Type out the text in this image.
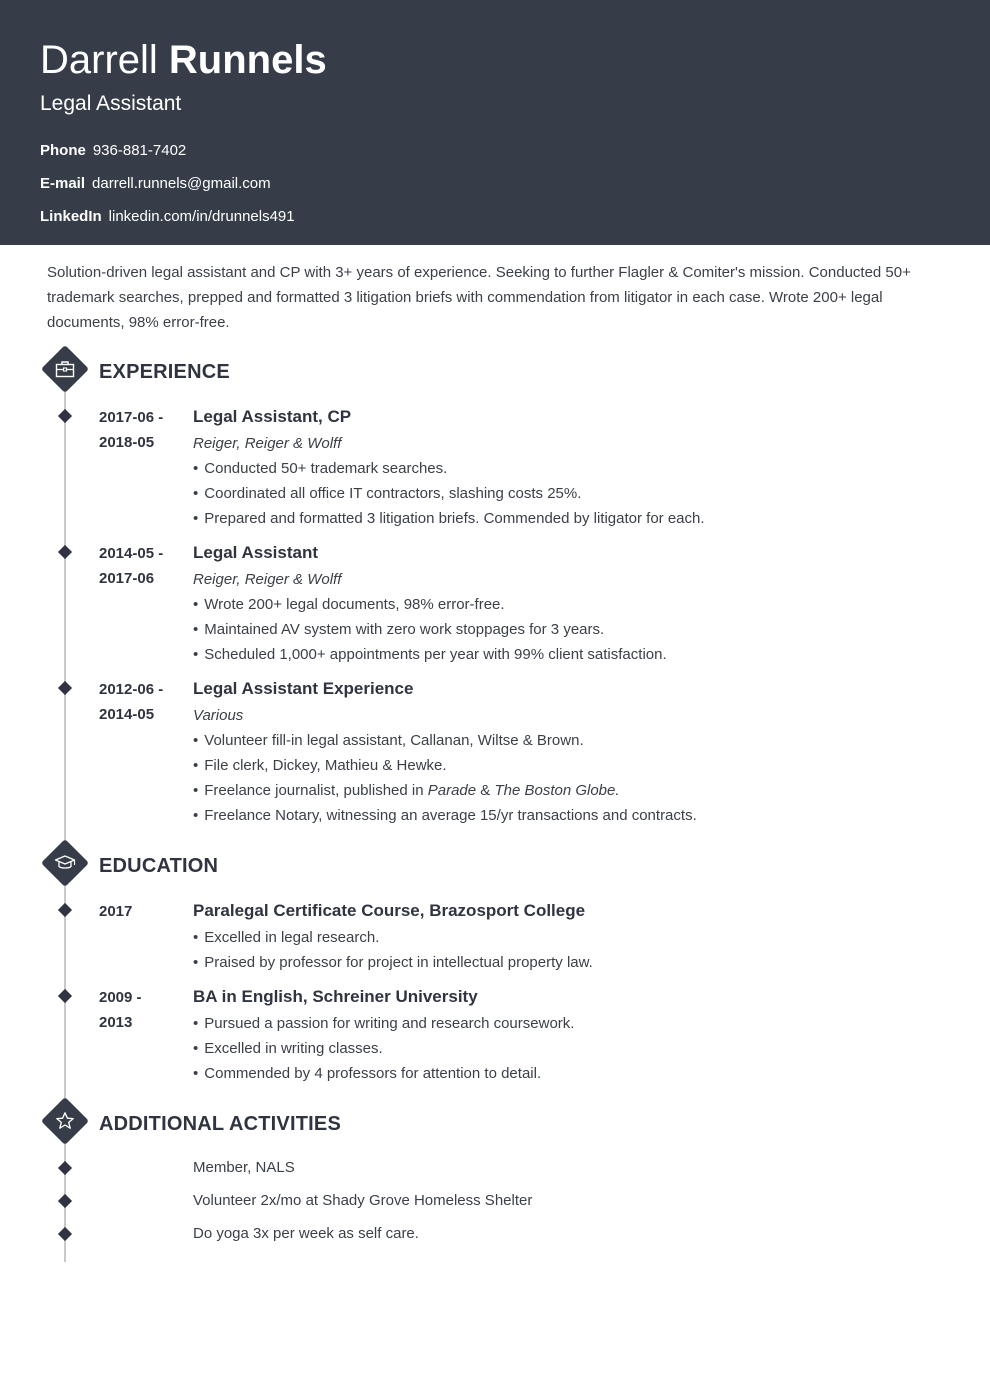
Darrell Runnels
Legal Assistant
Phone 936-881-7402
E-mail darrell.runnels@gmail.com
LinkedIn linkedin.com/in/drunnels491
Solution-driven legal assistant and CP with 3+ years of experience. Seeking to further Flagler & Comiter's mission. Conducted 50+ trademark searches, prepped and formatted 3 litigation briefs with commendation from litigator in each case. Wrote 200+ legal documents, 98% error-free.
EXPERIENCE
2017-06 -
2018-05
Legal Assistant, CP
Reiger, Reiger & Wolff
• Conducted 50+ trademark searches.
• Coordinated all office IT contractors, slashing costs 25%.
• Prepared and formatted 3 litigation briefs. Commended by litigator for each.
2014-05 -
2017-06
Legal Assistant
Reiger, Reiger & Wolff
• Wrote 200+ legal documents, 98% error-free.
• Maintained AV system with zero work stoppages for 3 years.
• Scheduled 1,000+ appointments per year with 99% client satisfaction.
2012-06 -
2014-05
Legal Assistant Experience
Various
• Volunteer fill-in legal assistant, Callanan, Wiltse & Brown.
• File clerk, Dickey, Mathieu & Hewke.
• Freelance journalist, published in Parade & The Boston Globe.
• Freelance Notary, witnessing an average 15/yr transactions and contracts.
EDUCATION
2017	Paralegal Certificate Course, Brazosport College
• Excelled in legal research.
• Praised by professor for project in intellectual property law.
2009 -
2013
BA in English, Schreiner University
• Pursued a passion for writing and research coursework.
• Excelled in writing classes.
• Commended by 4 professors for attention to detail.
ADDITIONAL ACTIVITIES
Member, NALS
Volunteer 2x/mo at Shady Grove Homeless Shelter
Do yoga 3x per week as self care.
